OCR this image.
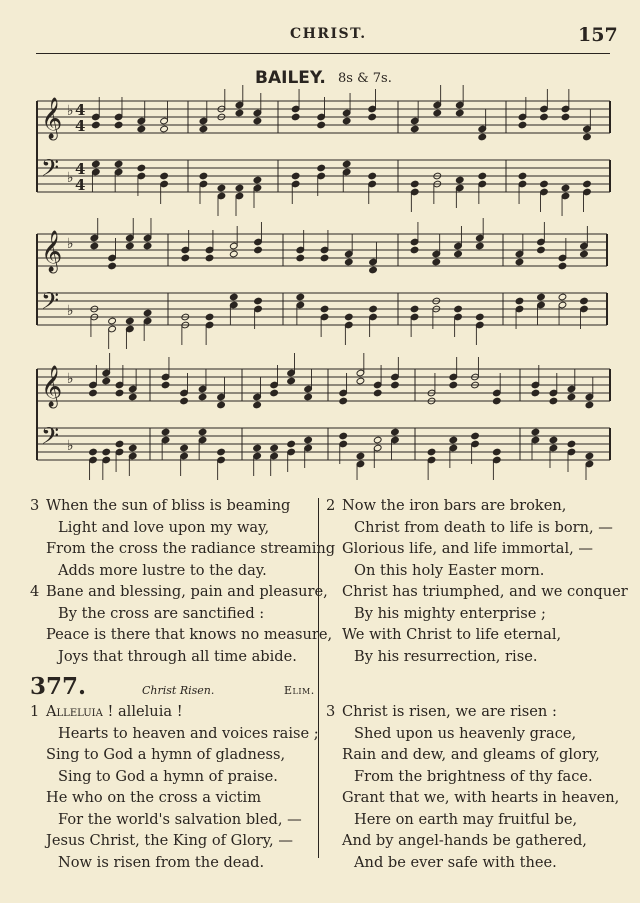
CHRIST.	157
BAILEY. 8s & 7s.
𝄞 ♭ 4
4
𝄢 ♭ 4
4
𝄞 ♭
𝄢 ♭
𝄞 ♭
𝄢 ♭
3 When the sun of bliss is beaming
Light and love upon my way,
From the cross the radiance streaming
Adds more lustre to the day.
4 Bane and blessing, pain and pleasure,
By the cross are sanctified :
Peace is there that knows no measure,
Joys that through all time abide.
2 Now the iron bars are broken,
Christ from death to life is born, —
Glorious life, and life immortal, —
On this holy Easter morn.
Christ has triumphed, and we conquer
By his mighty enterprise ;
We with Christ to life eternal,
By his resurrection, rise.
377.	Christ Risen.	Elim.
1 Alleluia ! alleluia !
Hearts to heaven and voices raise ;
Sing to God a hymn of gladness,
Sing to God a hymn of praise.
He who on the cross a victim
For the world's salvation bled, —
Jesus Christ, the King of Glory, —
Now is risen from the dead.
3 Christ is risen, we are risen :
Shed upon us heavenly grace,
Rain and dew, and gleams of glory,
From the brightness of thy face.
Grant that we, with hearts in heaven,
Here on earth may fruitful be,
And by angel-hands be gathered,
And be ever safe with thee.
